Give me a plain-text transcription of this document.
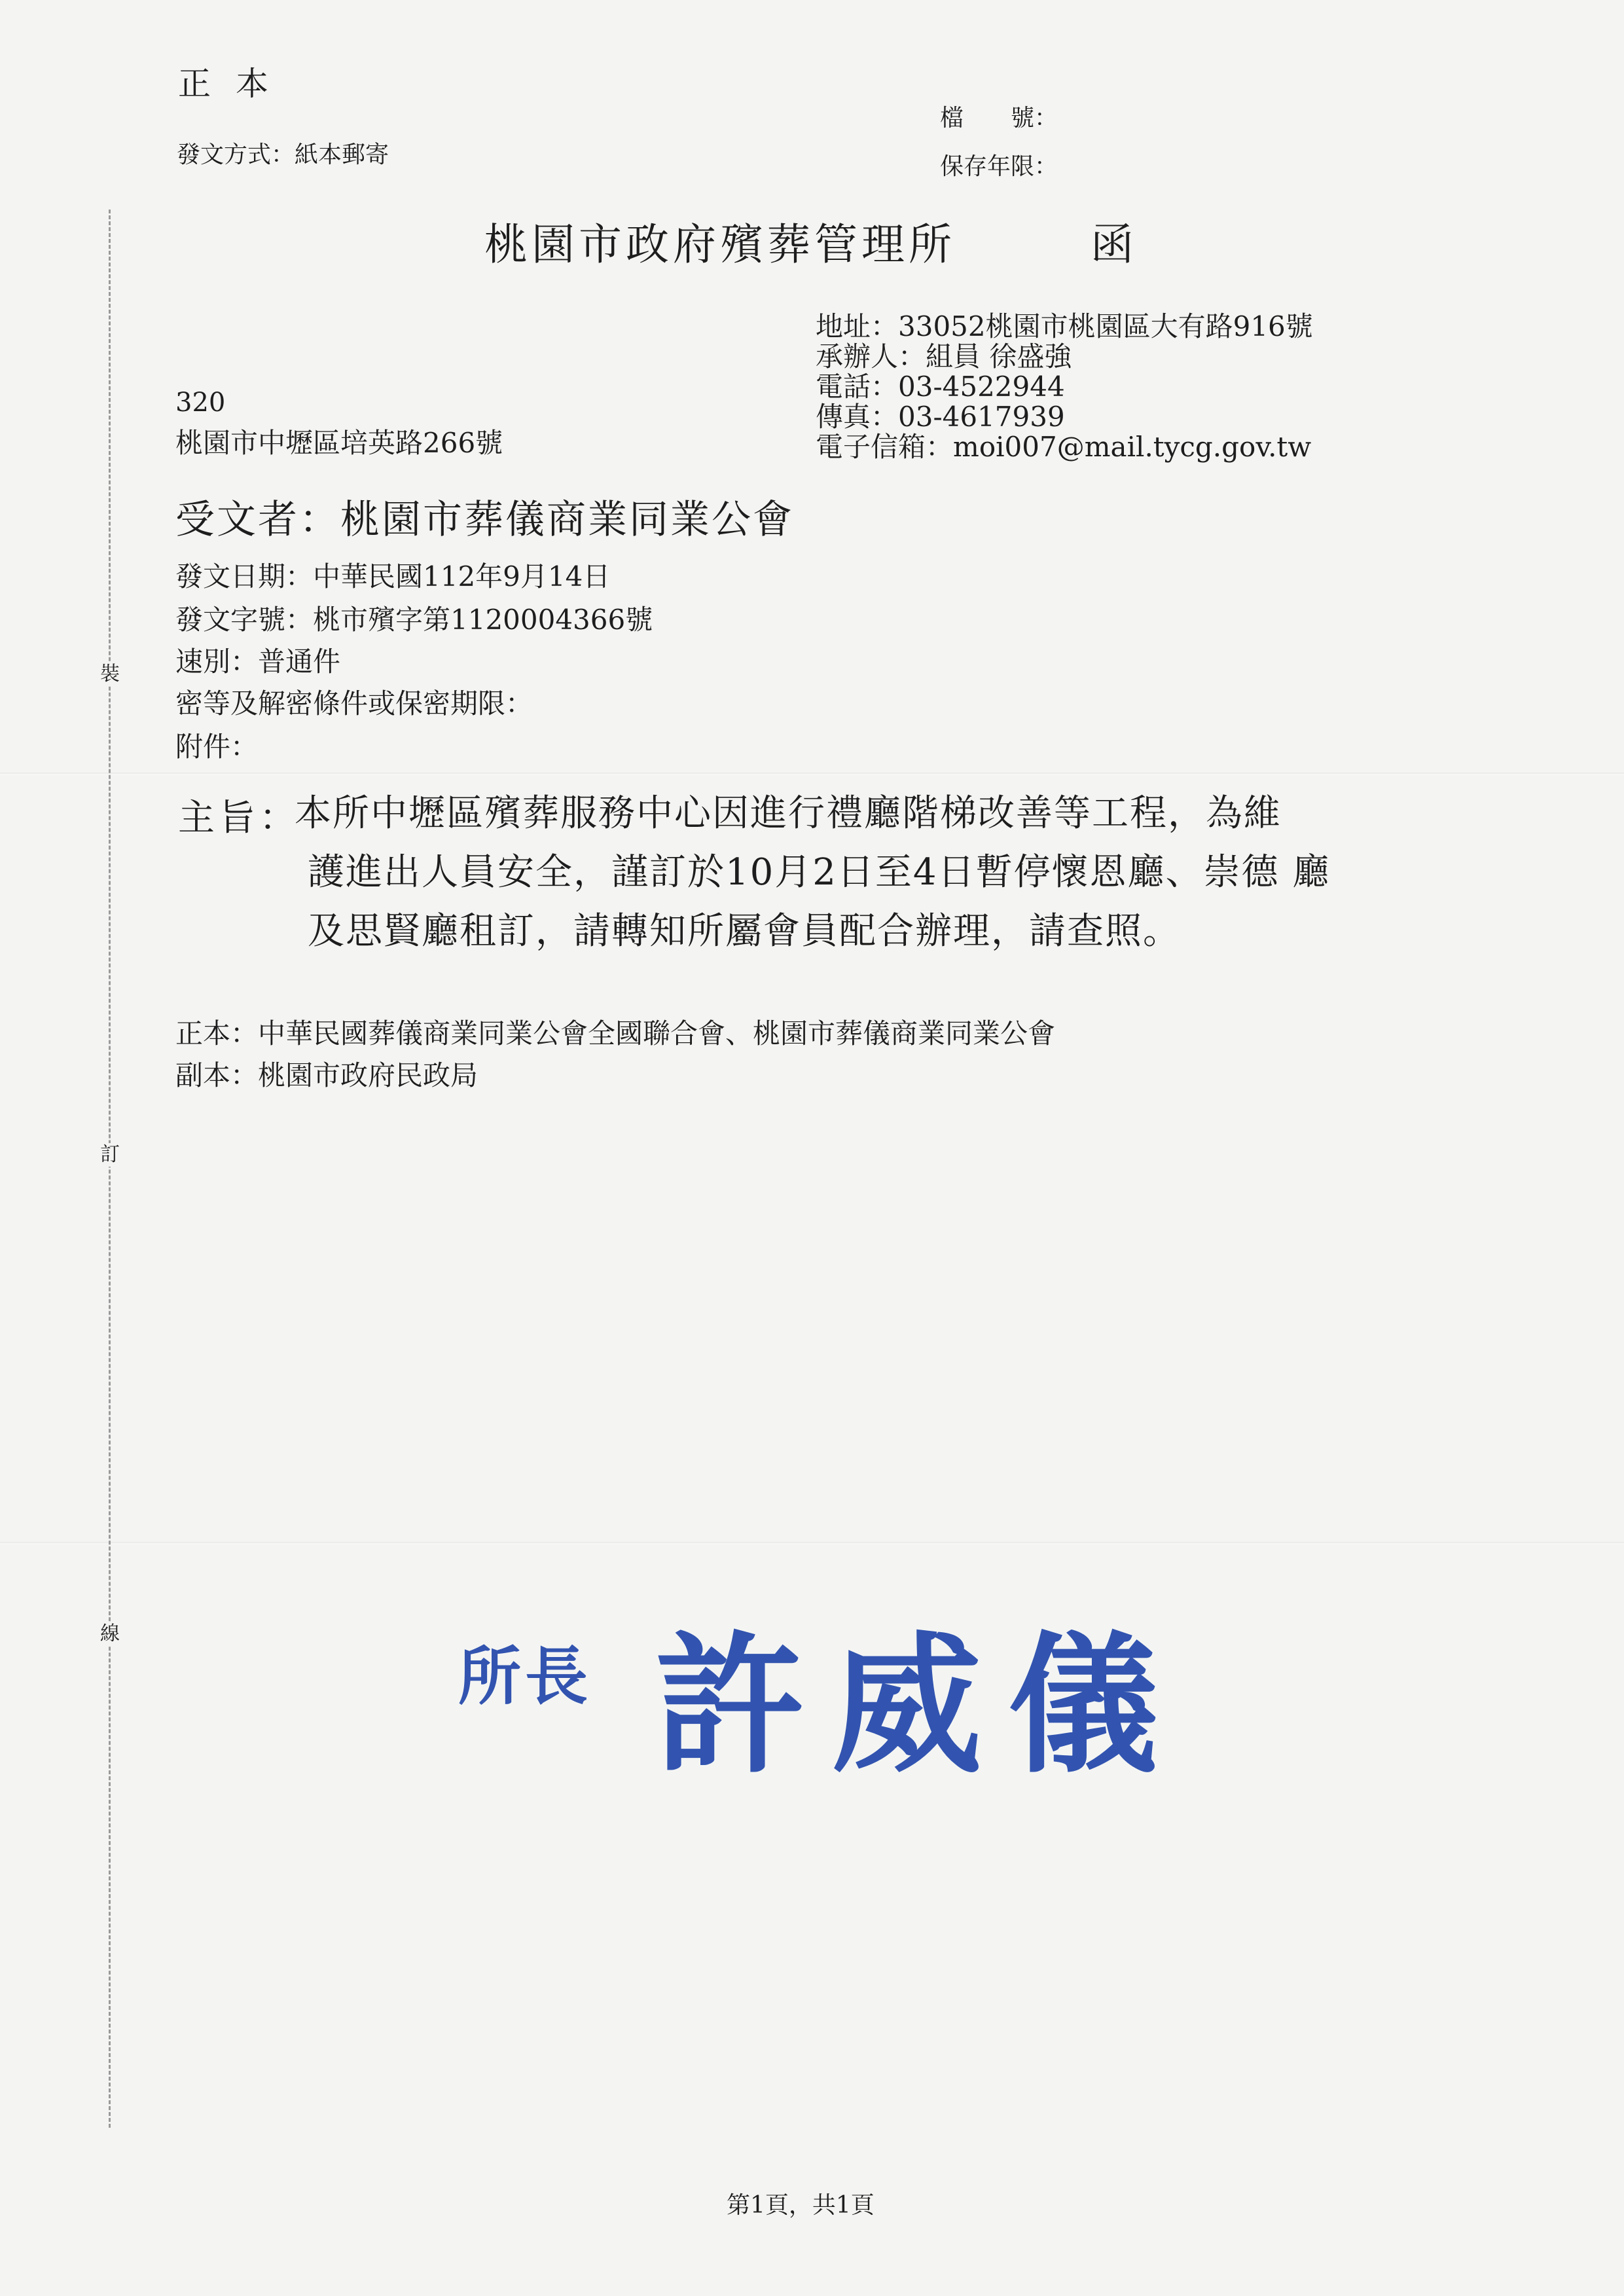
裝
訂
線
正本
發文方式：紙本郵寄
檔　　號：
保存年限：
桃園市政府殯葬管理所	函
地址：33052桃園市桃園區大有路916號
承辦人：組員 徐盛強
電話：03-4522944
傳真：03-4617939
電子信箱：moi007@mail.tycg.gov.tw
320
桃園市中壢區培英路266號
受文者：桃園市葬儀商業同業公會
發文日期：中華民國112年9月14日
發文字號：桃市殯字第1120004366號
速別：普通件
密等及解密條件或保密期限：
附件：
主旨：

本所中壢區殯葬服務中心因進行禮廳階梯改善等工程，為維

護進出人員安全，謹訂於10月2日至4日暫停懷恩廳、崇德 廳

及思賢廳租訂，請轉知所屬會員配合辦理，請查照。

正本：中華民國葬儀商業同業公會全國聯合會、桃園市葬儀商業同業公會
副本：桃園市政府民政局
所長 許威儀
第1頁，共1頁
